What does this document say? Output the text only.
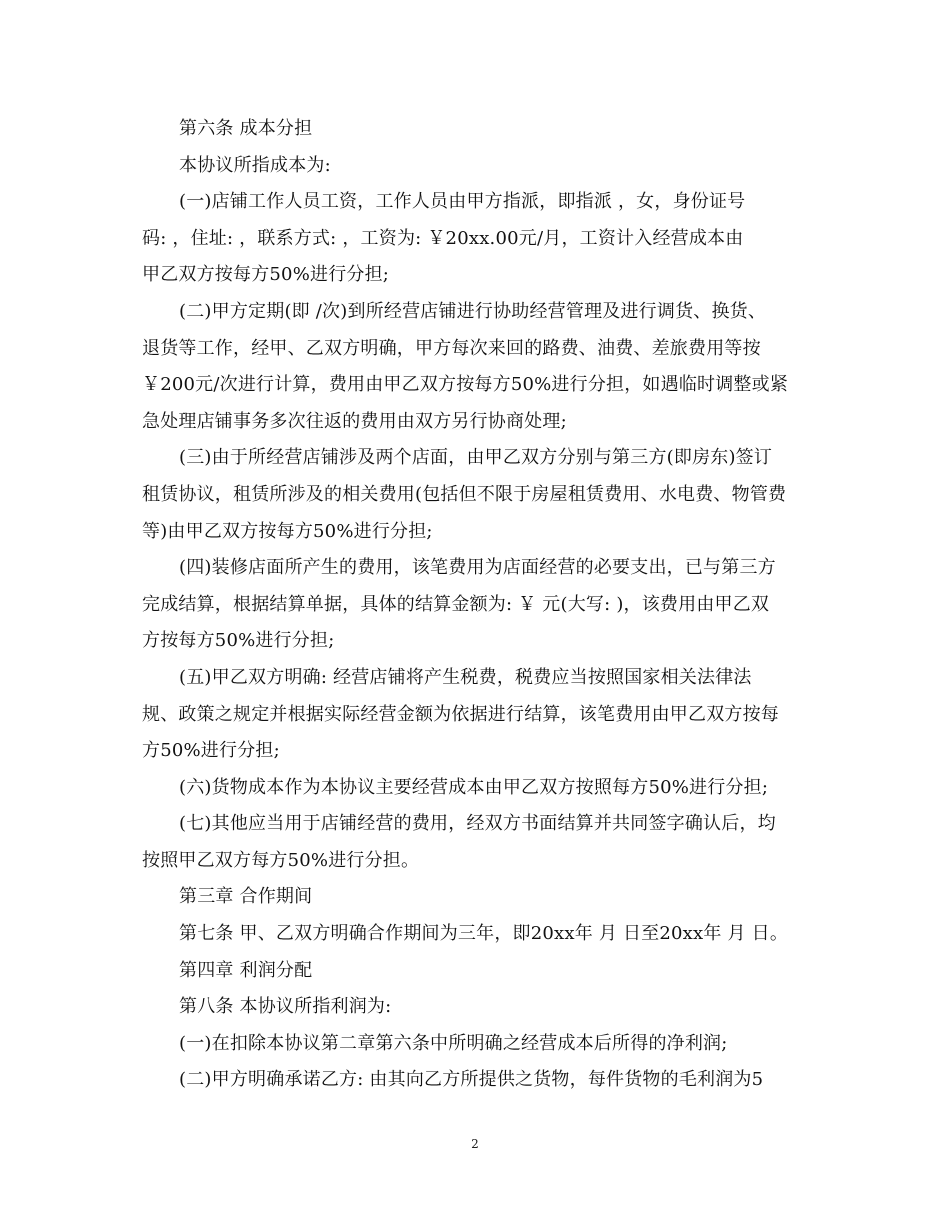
第六条 成本分担
本协议所指成本为:
(一)店铺工作人员工资，工作人员由甲方指派，即指派 ，女，身份证号
码: ，住址: ，联系方式: ，工资为: ￥20xx.00元/月，工资计入经营成本由
甲乙双方按每方50%进行分担;
(二)甲方定期(即 /次)到所经营店铺进行协助经营管理及进行调货、换货、
退货等工作，经甲、乙双方明确，甲方每次来回的路费、油费、差旅费用等按
￥200元/次进行计算，费用由甲乙双方按每方50%进行分担，如遇临时调整或紧
急处理店铺事务多次往返的费用由双方另行协商处理;
(三)由于所经营店铺涉及两个店面，由甲乙双方分别与第三方(即房东)签订
租赁协议，租赁所涉及的相关费用(包括但不限于房屋租赁费用、水电费、物管费
等)由甲乙双方按每方50%进行分担;
(四)装修店面所产生的费用，该笔费用为店面经营的必要支出，已与第三方
完成结算，根据结算单据，具体的结算金额为: ￥ 元(大写: )，该费用由甲乙双
方按每方50%进行分担;
(五)甲乙双方明确: 经营店铺将产生税费，税费应当按照国家相关法律法
规、政策之规定并根据实际经营金额为依据进行结算，该笔费用由甲乙双方按每
方50%进行分担;
(六)货物成本作为本协议主要经营成本由甲乙双方按照每方50%进行分担;
(七)其他应当用于店铺经营的费用，经双方书面结算并共同签字确认后，均
按照甲乙双方每方50%进行分担。
第三章 合作期间
第七条 甲、乙双方明确合作期间为三年，即20xx年 月 日至20xx年 月 日。
第四章 利润分配
第八条 本协议所指利润为:
(一)在扣除本协议第二章第六条中所明确之经营成本后所得的净利润;
(二)甲方明确承诺乙方: 由其向乙方所提供之货物，每件货物的毛利润为5
2
